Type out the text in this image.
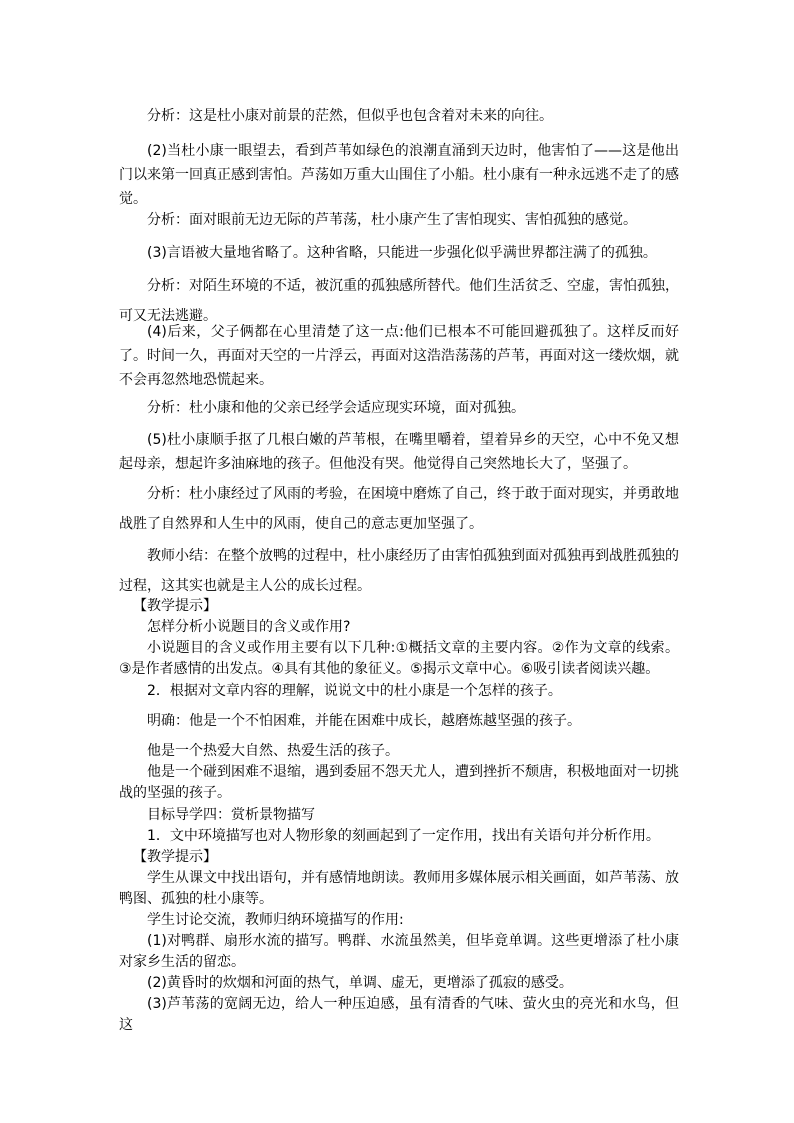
分析：这是杜小康对前景的茫然，但似乎也包含着对未来的向往。

(2)当杜小康一眼望去，看到芦苇如绿色的浪潮直涌到天边时，他害怕了——这是他出门以来第一回真正感到害怕。芦荡如万重大山围住了小船。杜小康有一种永远逃不走了的感觉。

分析：面对眼前无边无际的芦苇荡，杜小康产生了害怕现实、害怕孤独的感觉。

(3)言语被大量地省略了。这种省略，只能进一步强化似乎满世界都注满了的孤独。

分析：对陌生环境的不适，被沉重的孤独感所替代。他们生活贫乏、空虚，害怕孤独，可又无法逃避。

(4)后来，父子俩都在心里清楚了这一点:他们已根本不可能回避孤独了。这样反而好了。时间一久，再面对天空的一片浮云，再面对这浩浩荡荡的芦苇，再面对这一缕炊烟，就不会再忽然地恐慌起来。

分析：杜小康和他的父亲已经学会适应现实环境，面对孤独。

(5)杜小康顺手抠了几根白嫩的芦苇根，在嘴里嚼着，望着异乡的天空，心中不免又想起母亲，想起许多油麻地的孩子。但他没有哭。他觉得自己突然地长大了，坚强了。

分析：杜小康经过了风雨的考验，在困境中磨炼了自己，终于敢于面对现实，并勇敢地战胜了自然界和人生中的风雨，使自己的意志更加坚强了。

教师小结：在整个放鸭的过程中，杜小康经历了由害怕孤独到面对孤独再到战胜孤独的过程，这其实也就是主人公的成长过程。

【教学提示】

怎样分析小说题目的含义或作用?

小说题目的含义或作用主要有以下几种:①概括文章的主要内容。②作为文章的线索。③是作者感情的出发点。④具有其他的象征义。⑤揭示文章中心。⑥吸引读者阅读兴趣。

2．根据对文章内容的理解，说说文中的杜小康是一个怎样的孩子。

明确：他是一个不怕困难，并能在困难中成长，越磨炼越坚强的孩子。

他是一个热爱大自然、热爱生活的孩子。

他是一个碰到困难不退缩，遇到委屈不怨天尤人，遭到挫折不颓唐，积极地面对一切挑战的坚强的孩子。

目标导学四：赏析景物描写

1．文中环境描写也对人物形象的刻画起到了一定作用，找出有关语句并分析作用。

【教学提示】

学生从课文中找出语句，并有感情地朗读。教师用多媒体展示相关画面，如芦苇荡、放鸭图、孤独的杜小康等。

学生讨论交流，教师归纳环境描写的作用:

(1)对鸭群、扇形水流的描写。鸭群、水流虽然美，但毕竟单调。这些更增添了杜小康对家乡生活的留恋。

(2)黄昏时的炊烟和河面的热气，单调、虚无，更增添了孤寂的感受。

(3)芦苇荡的宽阔无边，给人一种压迫感，虽有清香的气味、萤火虫的亮光和水鸟，但这
